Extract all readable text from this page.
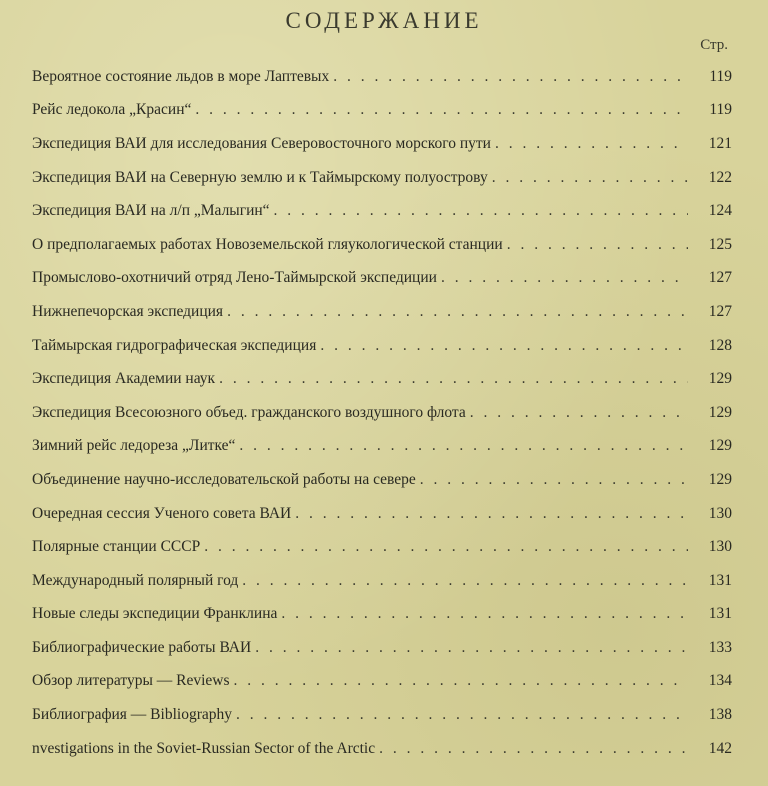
СОДЕРЖАНИЕ
Стр.
Вероятное состояние льдов в море Лаптевых . . .	119
Рейс ледокола „Красин“ . . .	119
Экспедиция ВАИ для исследования Северовосточного морского пути . . .	121
Экспедиция ВАИ на Северную землю и к Таймырскому полуострову . . .	122
Экспедиция ВАИ на л/п „Малыгин“ . . .	124
О предполагаемых работах Новоземельской гляукологической станции . . .	125
Промыслово-охотничий отряд Лено-Таймырской экспедиции . . .	127
Нижнепечорская экспедиция . . .	127
Таймырская гидрографическая экспедиция . . .	128
Экспедиция Академии наук . . .	129
Экспедиция Всесоюзного объед. гражданского воздушного флота . . .	129
Зимний рейс ледореза „Литке“ . . .	129
Объединение научно-исследовательской работы на севере . . .	129
Очередная сессия Ученого совета ВАИ . . .	130
Полярные станции СССР . . .	130
Международный полярный год . . .	131
Новые следы экспедиции Франклина . . .	131
Библиографические работы ВАИ . . .	133
Обзор литературы — Reviews . . .	134
Библиография — Bibliography . . .	138
nvestigations in the Soviet-Russian Sector of the Arctic . . .	142
